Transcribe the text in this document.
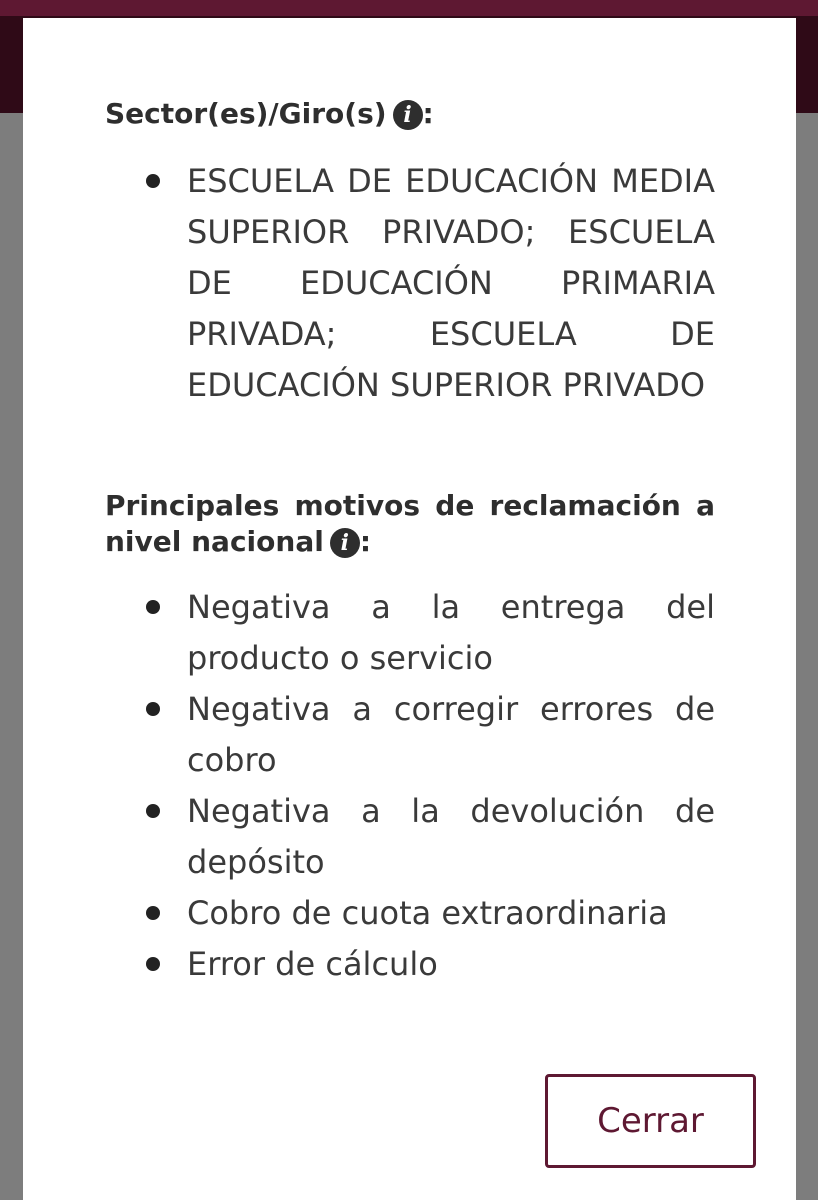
Sector(es)/Giro(s) i :
ESCUELA DE EDUCACIÓN MEDIA SUPERIOR PRIVADO; ESCUELA DE EDUCACIÓN PRIMARIA PRIVADA; ESCUELA DE EDUCACIÓN SUPERIOR PRIVADO
Principales motivos de reclamación a nivel nacional i :
Negativa a la entrega del producto o servicio
Negativa a corregir errores de cobro
Negativa a la devolución de depósito
Cobro de cuota extraordinaria
Error de cálculo
Cerrar
